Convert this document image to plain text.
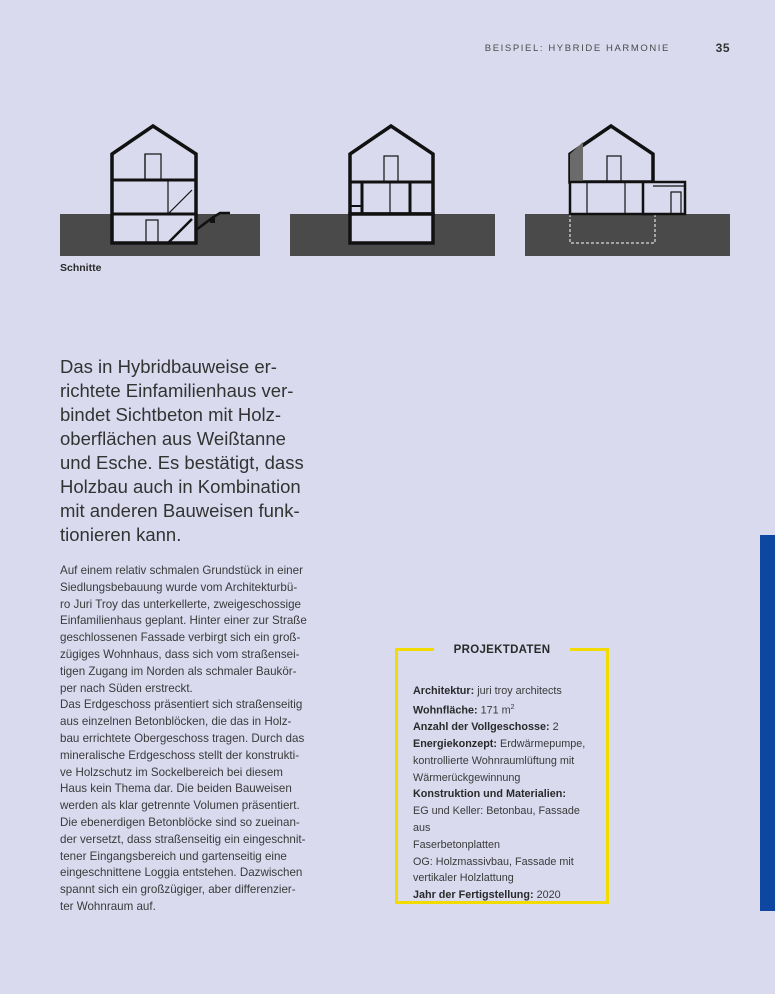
BEISPIEL: HYBRIDE HARMONIE	35
Schnitte
Das in Hybridbauweise er-
richtete Einfamilienhaus ver-
bindet Sichtbeton mit Holz-
oberflächen aus Weißtanne
und Esche. Es bestätigt, dass
Holzbau auch in Kombination
mit anderen Bauweisen funk-
tionieren kann.

Auf einem relativ schmalen Grundstück in einer
Siedlungsbebauung wurde vom Architekturbü-
ro Juri Troy das unterkellerte, zweigeschossige
Einfamilienhaus geplant. Hinter einer zur Straße
geschlossenen Fassade verbirgt sich ein groß-
zügiges Wohnhaus, dass sich vom straßensei-
tigen Zugang im Norden als schmaler Baukör-
per nach Süden erstreckt.
Das Erdgeschoss präsentiert sich straßenseitig
aus einzelnen Betonblöcken, die das in Holz-
bau errichtete Obergeschoss tragen. Durch das
mineralische Erdgeschoss stellt der konstrukti-
ve Holzschutz im Sockelbereich bei diesem
Haus kein Thema dar. Die beiden Bauweisen
werden als klar getrennte Volumen präsentiert.
Die ebenerdigen Betonblöcke sind so zueinan-
der versetzt, dass straßenseitig ein eingeschnit-
tener Eingangsbereich und gartenseitig eine
eingeschnittene Loggia entstehen. Dazwischen
spannt sich ein großzügiger, aber differenzier-
ter Wohnraum auf.

PROJEKTDATEN
Architektur: juri troy architects
Wohnfläche: 171 $m^2$
Anzahl der Vollgeschosse: 2
Energiekonzept: Erdwärmepumpe,
kontrollierte Wohnraumlüftung mit
Wärmerückgewinnung
Konstruktion und Materialien:
EG und Keller: Betonbau, Fassade aus
Faserbetonplatten
OG: Holzmassivbau, Fassade mit
vertikaler Holzlattung
Jahr der Fertigstellung: 2020
